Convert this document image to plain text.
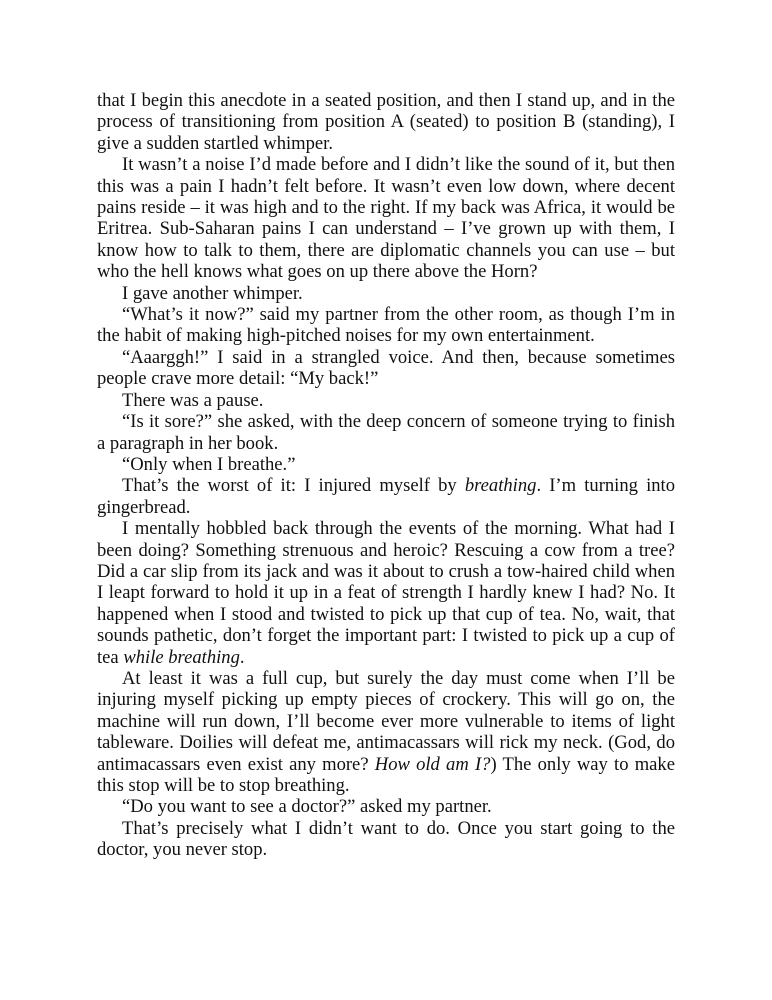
that I begin this anecdote in a seated position, and then I stand up, and in the process of transitioning from position A (seated) to position B (standing), I give a sudden startled whimper.

It wasn’t a noise I’d made before and I didn’t like the sound of it, but then this was a pain I hadn’t felt before. It wasn’t even low down, where decent pains reside – it was high and to the right. If my back was Africa, it would be Eritrea. Sub-Saharan pains I can understand – I’ve grown up with them, I know how to talk to them, there are diplomatic channels you can use – but who the hell knows what goes on up there above the Horn?

I gave another whimper.

“What’s it now?” said my partner from the other room, as though I’m in the habit of making high-pitched noises for my own entertainment.

“Aaarggh!” I said in a strangled voice. And then, because sometimes people crave more detail: “My back!”

There was a pause.

“Is it sore?” she asked, with the deep concern of someone trying to finish a paragraph in her book.

“Only when I breathe.”

That’s the worst of it: I injured myself by breathing. I’m turning into gingerbread.

I mentally hobbled back through the events of the morning. What had I been doing? Something strenuous and heroic? Rescuing a cow from a tree? Did a car slip from its jack and was it about to crush a tow-haired child when I leapt forward to hold it up in a feat of strength I hardly knew I had? No. It happened when I stood and twisted to pick up that cup of tea. No, wait, that sounds pathetic, don’t forget the important part: I twisted to pick up a cup of tea while breathing.

At least it was a full cup, but surely the day must come when I’ll be injuring myself picking up empty pieces of crockery. This will go on, the machine will run down, I’ll become ever more vulnerable to items of light tableware. Doilies will defeat me, antimacassars will rick my neck. (God, do antimacassars even exist any more? How old am I?) The only way to make this stop will be to stop breathing.

“Do you want to see a doctor?” asked my partner.

That’s precisely what I didn’t want to do. Once you start going to the doctor, you never stop.
